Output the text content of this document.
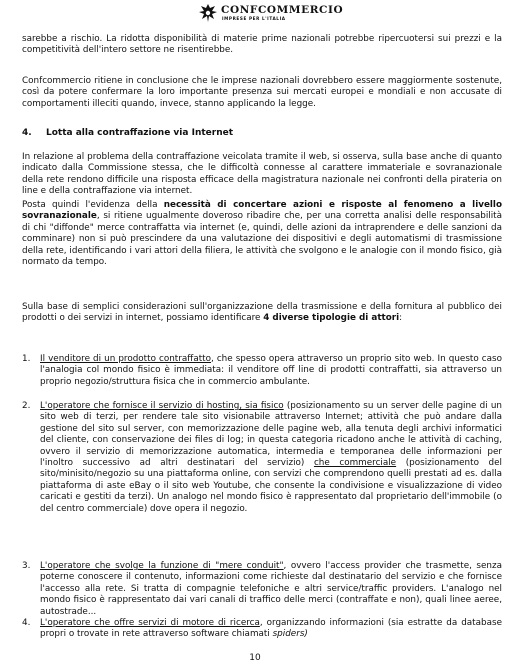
CONFCOMMERCIO
IMPRESE PER L'ITALIA

sarebbe a rischio. La ridotta disponibilità di materie prime nazionali potrebbe ripercuotersi sui prezzi e la competitività dell'intero settore ne risentirebbe.

Confcommercio ritiene in conclusione che le imprese nazionali dovrebbero essere maggiormente sostenute, così da potere confermare la loro importante presenza sui mercati europei e mondiali e non accusate di comportamenti illeciti quando, invece, stanno applicando la legge.

4. Lotta alla contraffazione via Internet

In relazione al problema della contraffazione veicolata tramite il web, si osserva, sulla base anche di quanto indicato dalla Commissione stessa, che le difficoltà connesse al carattere immateriale e sovranazionale della rete rendono difficile una risposta efficace della magistratura nazionale nei confronti della pirateria on line e della contraffazione via internet.

Posta quindi l'evidenza della necessità di concertare azioni e risposte al fenomeno a livello sovranazionale, si ritiene ugualmente doveroso ribadire che, per una corretta analisi delle responsabilità di chi "diffonde" merce contraffatta via internet (e, quindi, delle azioni da intraprendere e delle sanzioni da comminare) non si può prescindere da una valutazione dei dispositivi e degli automatismi di trasmissione della rete, identificando i vari attori della filiera, le attività che svolgono e le analogie con il mondo fisico, già normato da tempo.

Sulla base di semplici considerazioni sull'organizzazione della trasmissione e della fornitura al pubblico dei prodotti o dei servizi in internet, possiamo identificare 4 diverse tipologie di attori:

1. Il venditore di un prodotto contraffatto, che spesso opera attraverso un proprio sito web. In questo caso l'analogia col mondo fisico è immediata: il venditore off line di prodotti contraffatti, sia attraverso un proprio negozio/struttura fisica che in commercio ambulante.
2. L'operatore che fornisce il servizio di hosting, sia fisico (posizionamento su un server delle pagine di un sito web di terzi, per rendere tale sito visionabile attraverso Internet; attività che può andare dalla gestione del sito sul server, con memorizzazione delle pagine web, alla tenuta degli archivi informatici del cliente, con conservazione dei files di log; in questa categoria ricadono anche le attività di caching, ovvero il servizio di memorizzazione automatica, intermedia e temporanea delle informazioni per l'inoltro successivo ad altri destinatari del servizio) che commerciale (posizionamento del sito/minisito/negozio su una piattaforma online, con servizi che comprendono quelli prestati ad es. dalla piattaforma di aste eBay o il sito web Youtube, che consente la condivisione e visualizzazione di video caricati e gestiti da terzi). Un analogo nel mondo fisico è rappresentato dal proprietario dell'immobile (o del centro commerciale) dove opera il negozio.
3. L'operatore che svolge la funzione di "mere conduit", ovvero l'access provider che trasmette, senza poterne conoscere il contenuto, informazioni come richieste dal destinatario del servizio e che fornisce l'accesso alla rete. Si tratta di compagnie telefoniche e altri service/traffic providers. L'analogo nel mondo fisico è rappresentato dai vari canali di traffico delle merci (contraffate e non), quali linee aeree, autostrade...
4. L'operatore che offre servizi di motore di ricerca, organizzando informazioni (sia estratte da database propri o trovate in rete attraverso software chiamati spiders)
10
